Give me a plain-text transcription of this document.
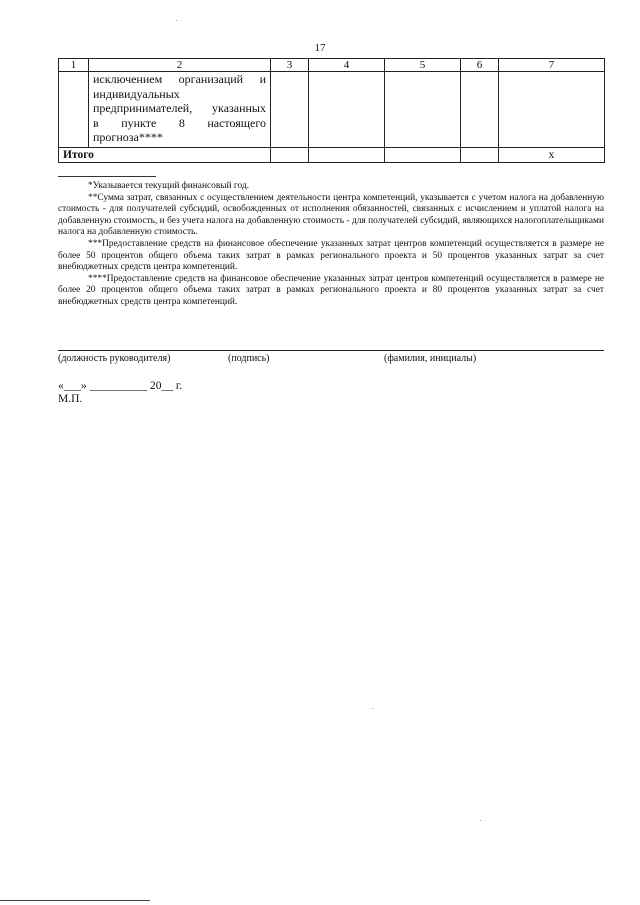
17
1	2	3	4	5	6	7

	исключением организаций и
индивидуальных
предпринимателей, указанных
в пункте 8 настоящего
прогноза****					

Итого						x

*Указывается текущий финансовый год.

**Сумма затрат, связанных с осуществлением деятельности центра компетенций, указывается с учетом налога на добавленную стоимость - для получателей субсидий, освобожденных от исполнения обязанностей, связанных с исчислением и уплатой налога на добавленную стоимость, и без учета налога на добавленную стоимость - для получателей субсидий, являющихся налогоплательщиками налога на добавленную стоимость.

***Предоставление средств на финансовое обеспечение указанных затрат центров компетенций осуществляется в размере не более 50 процентов общего объема таких затрат в рамках регионального проекта и 50 процентов указанных затрат за счет внебюджетных средств центра компетенций.

****Предоставление средств на финансовое обеспечение указанных затрат центров компетенций осуществляется в размере не более 20 процентов общего объема таких затрат в рамках регионального проекта и 80 процентов указанных затрат за счет внебюджетных средств центра компетенций.

(должность руководителя)	(подпись)	(фамилия, инициалы)
«___» __________ 20__ г.
М.П.
